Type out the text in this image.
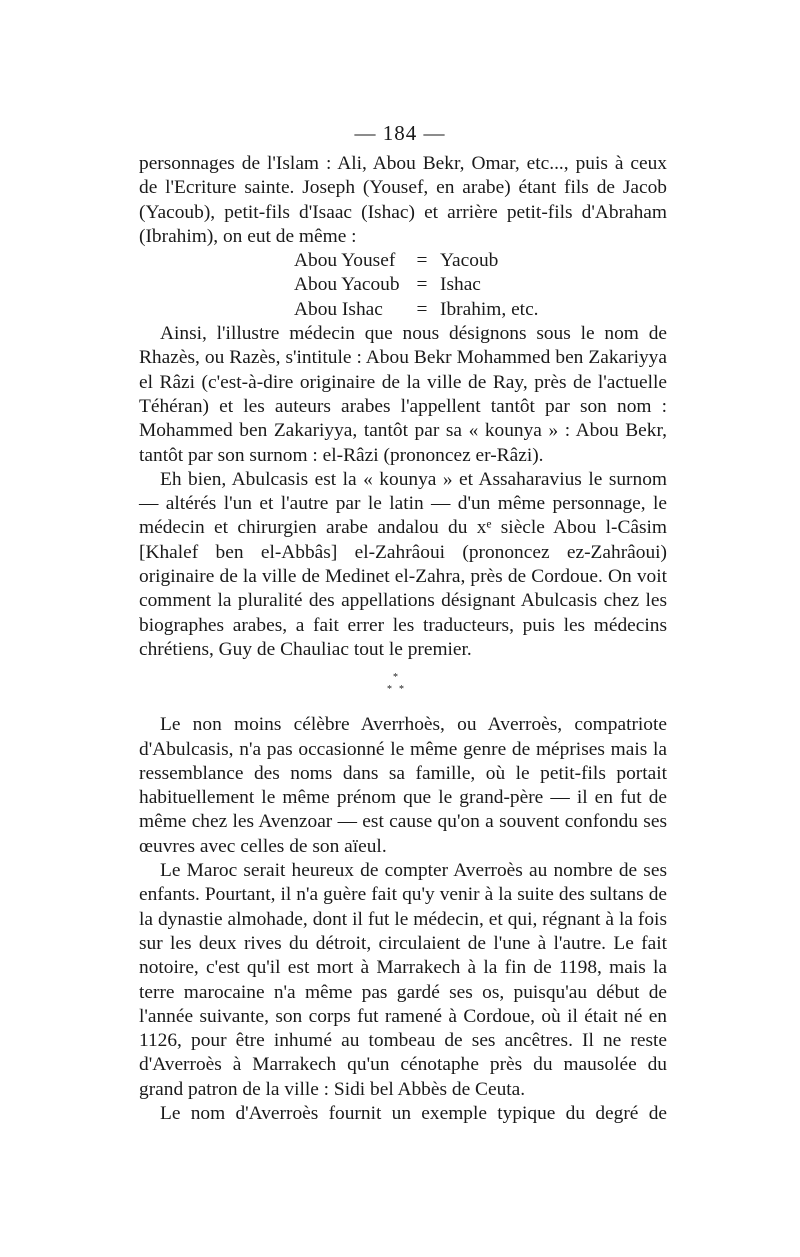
— 184 —

personnages de l'Islam : Ali, Abou Bekr, Omar, etc..., puis à ceux de l'Ecriture sainte. Joseph (Yousef, en arabe) étant fils de Jacob (Yacoub), petit-fils d'Isaac (Ishac) et arrière petit-fils d'Abraham (Ibrahim), on eut de même :

Abou Yousef	= Yacoub
Abou Yacoub = Ishac
Abou Ishac	= Ibrahim, etc.

Ainsi, l'illustre médecin que nous désignons sous le nom de Rhazès, ou Razès, s'intitule : Abou Bekr Mohammed ben Zakariyya el Râzi (c'est-à-dire originaire de la ville de Ray, près de l'actuelle Téhéran) et les auteurs arabes l'appellent tantôt par son nom : Mohammed ben Zakariyya, tantôt par sa « kounya » : Abou Bekr, tantôt par son surnom : el-Râzi (prononcez er-Râzi).

Eh bien, Abulcasis est la « kounya » et Assaharavius le surnom — altérés l'un et l'autre par le latin — d'un même personnage, le médecin et chirurgien arabe andalou du xᵉ siècle Abou l-Câsim [Khalef ben el-Abbâs] el-Zahrâoui (prononcez ez-Zahrâoui) originaire de la ville de Medinet el-Zahra, près de Cordoue. On voit comment la pluralité des appellations désignant Abulcasis chez les biographes arabes, a fait errer les traducteurs, puis les médecins chrétiens, Guy de Chauliac tout le premier.

*
* *

Le non moins célèbre Averrhoès, ou Averroès, compatriote d'Abulcasis, n'a pas occasionné le même genre de méprises mais la ressemblance des noms dans sa famille, où le petit-fils portait habituellement le même prénom que le grand-père — il en fut de même chez les Avenzoar — est cause qu'on a souvent confondu ses œuvres avec celles de son aïeul.

Le Maroc serait heureux de compter Averroès au nombre de ses enfants. Pourtant, il n'a guère fait qu'y venir à la suite des sultans de la dynastie almohade, dont il fut le médecin, et qui, régnant à la fois sur les deux rives du détroit, circulaient de l'une à l'autre. Le fait notoire, c'est qu'il est mort à Marrakech à la fin de 1198, mais la terre marocaine n'a même pas gardé ses os, puisqu'au début de l'année suivante, son corps fut ramené à Cordoue, où il était né en 1126, pour être inhumé au tombeau de ses ancêtres. Il ne reste d'Averroès à Marrakech qu'un cénotaphe près du mausolée du grand patron de la ville : Sidi bel Abbès de Ceuta.

Le nom d'Averroès fournit un exemple typique du degré de
